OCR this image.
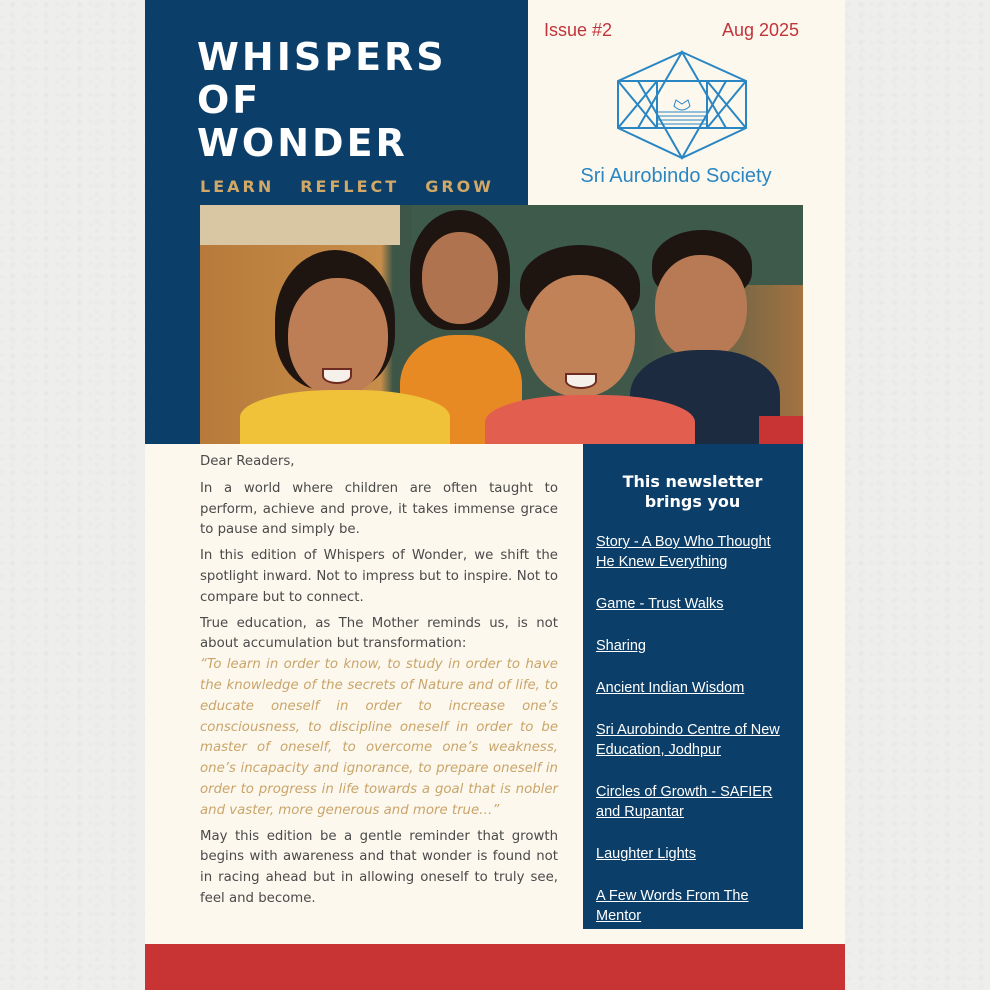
WHISPERS
OF
WONDER
LEARN REFLECT GROW
Issue #2	Aug 2025
Sri Aurobindo Society

Dear Readers,

In a world where children are often taught to perform, achieve and prove, it takes immense grace to pause and simply be.

In this edition of Whispers of Wonder, we shift the spotlight inward. Not to impress but to inspire. Not to compare but to connect.

True education, as The Mother reminds us, is not about accumulation but transformation:

“To learn in order to know, to study in order to have the knowledge of the secrets of Nature and of life, to educate oneself in order to increase one’s consciousness, to discipline oneself in order to be master of oneself, to overcome one’s weakness, one’s incapacity and ignorance, to prepare oneself in order to progress in life towards a goal that is nobler and vaster, more generous and more true…”

May this edition be a gentle reminder that growth begins with awareness and that wonder is found not in racing ahead but in allowing oneself to truly see, feel and become.

This newsletter brings you
Story - A Boy Who Thought He Knew Everything
Game - Trust Walks
Sharing
Ancient Indian Wisdom
Sri Aurobindo Centre of New Education, Jodhpur
Circles of Growth - SAFIER and Rupantar
Laughter Lights
A Few Words From The Mentor
